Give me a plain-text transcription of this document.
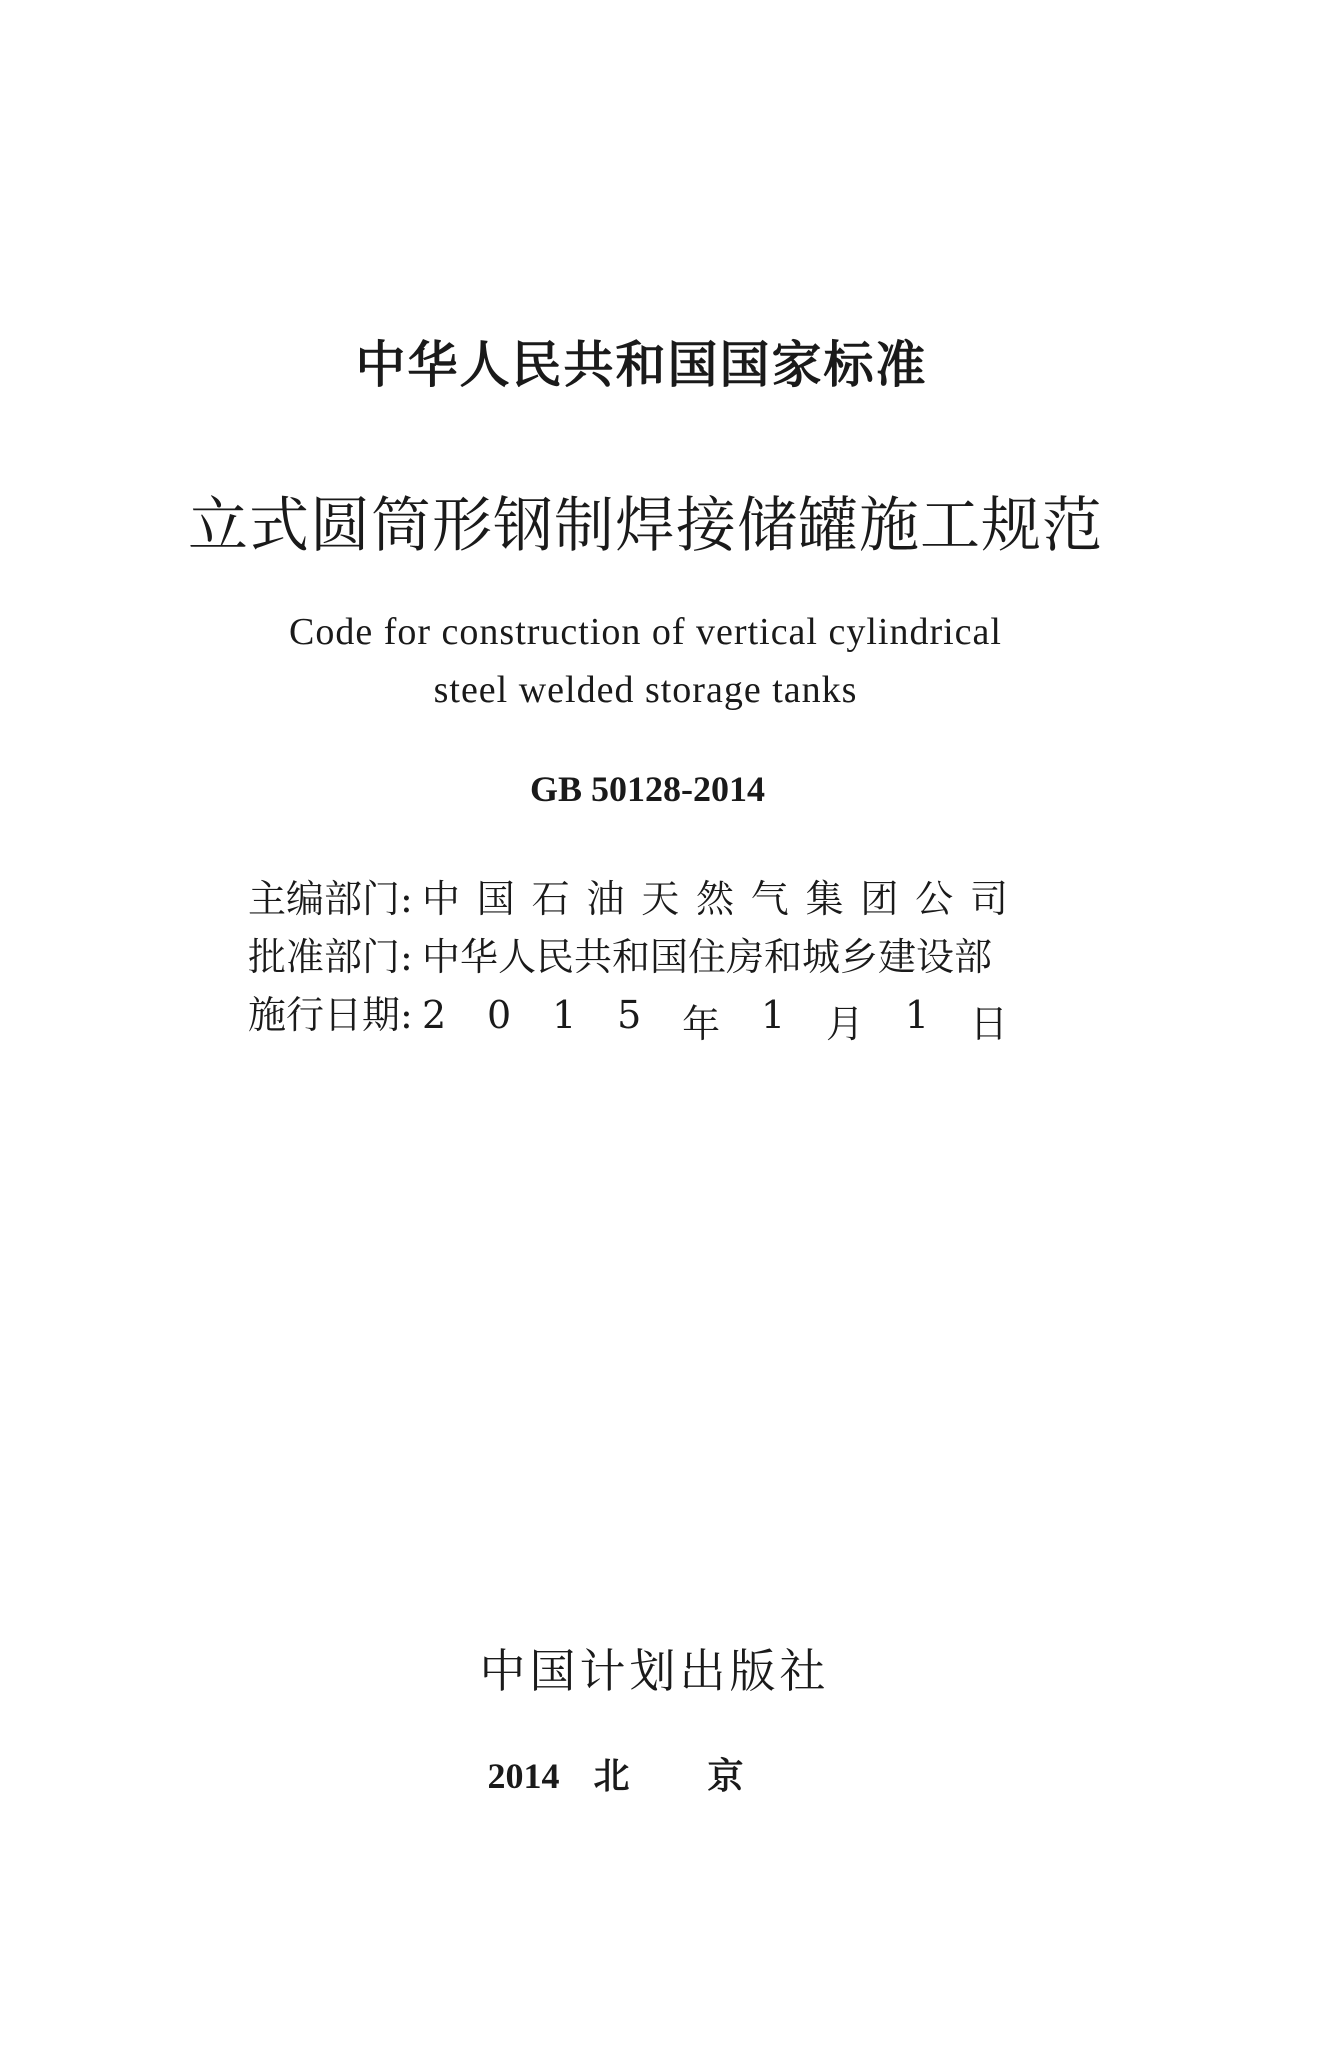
中华人民共和国国家标准
立式圆筒形钢制焊接储罐施工规范
Code for construction of vertical cylindrical
steel welded storage tanks
GB 50128-2014
主编部门: 中 国 石 油 天 然 气 集 团 公 司
批准部门: 中华人民共和国住房和城乡建设部
施行日期: 2 0 1 5 年 1 月 1 日
中国计划出版社
2014 北京
